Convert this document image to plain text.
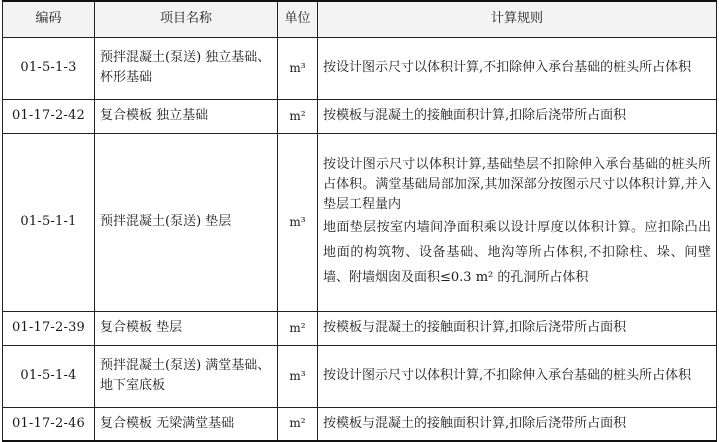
编码	项目名称	单位	计算规则
01-5-1-3	预拌混凝土(泵送) 独立基础、杯形基础	m³	按设计图示尺寸以体积计算,不扣除伸入承台基础的桩头所占体积

01-17-2-42	复合模板 独立基础	m²	按模板与混凝土的接触面积计算,扣除后浇带所占面积

01-5-1-1	预拌混凝土(泵送) 垫层	m³	按设计图示尺寸以体积计算,基础垫层不扣除伸入承台基础的桩头所占体积。满堂基础局部加深,其加深部分按图示尺寸以体积计算,并入垫层工程量内
地面垫层按室内墙间净面积乘以设计厚度以体积计算。应扣除凸出地面的构筑物、设备基础、地沟等所占体积,不扣除柱、垛、间壁墙、附墙烟囱及面积≤0.3 m² 的孔洞所占体积

01-17-2-39	复合模板 垫层	m²	按模板与混凝土的接触面积计算,扣除后浇带所占面积

01-5-1-4	预拌混凝土(泵送) 满堂基础、地下室底板	m³	按设计图示尺寸以体积计算,不扣除伸入承台基础的桩头所占体积

01-17-2-46	复合模板 无梁满堂基础	m²	按模板与混凝土的接触面积计算,扣除后浇带所占面积
